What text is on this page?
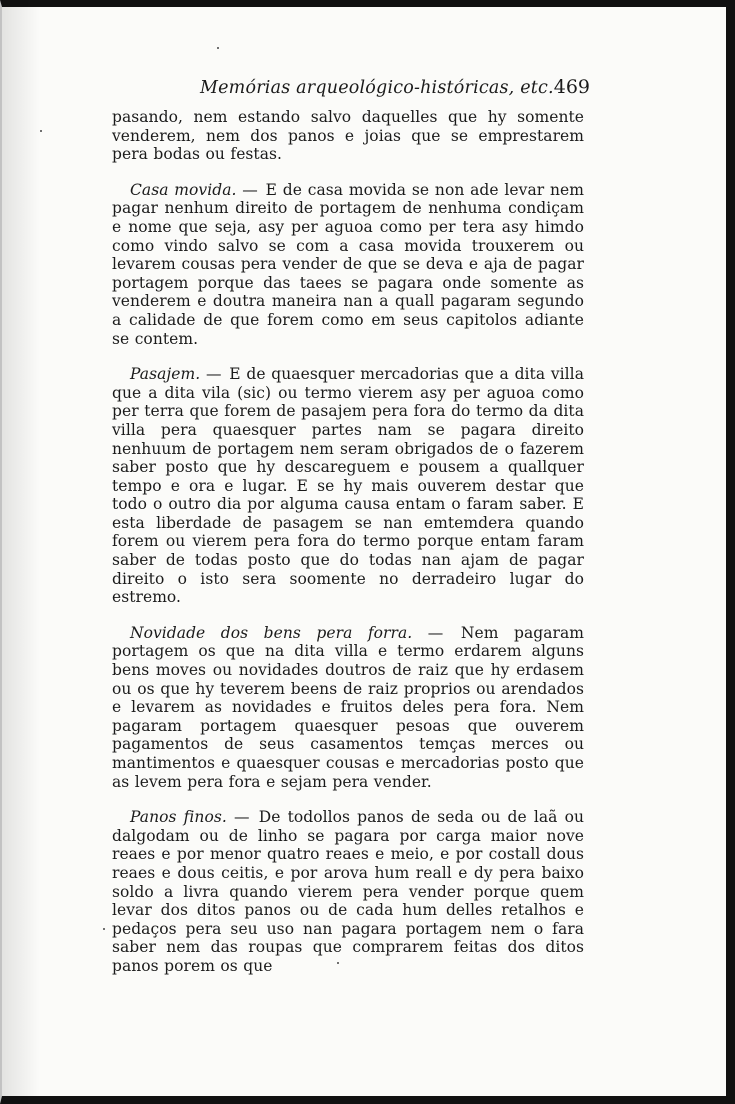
Memórias arqueológico-históricas, etc. 469

pasando, nem estando salvo daquelles que hy somente venderem, nem dos panos e joias que se emprestarem pera bodas ou festas.

Casa movida. — E de casa movida se non ade levar nem pagar nenhum direito de portagem de nenhuma condiçam e nome que seja, asy per aguoa como per tera asy himdo como vindo salvo se com a casa movida trouxerem ou levarem cousas pera vender de que se deva e aja de pagar portagem porque das taees se pagara onde somente as venderem e doutra maneira nan a quall pagaram segundo a calidade de que forem como em seus capitolos adiante se contem.

Pasajem. — E de quaesquer mercadorias que a dita villa que a dita vila (sic) ou termo vierem asy per aguoa como per terra que forem de pasajem pera fora do termo da dita villa pera quaesquer partes nam se pagara direito nenhuum de portagem nem seram obrigados de o fazerem saber posto que hy descareguem e pousem a quallquer tempo e ora e lugar. E se hy mais ouverem destar que todo o outro dia por alguma causa entam o faram saber. E esta liberdade de pasagem se nan emtemdera quando forem ou vierem pera fora do termo porque entam faram saber de todas posto que do todas nan ajam de pagar direito o isto sera soomente no derradeiro lugar do estremo.

Novidade dos bens pera forra. — Nem pagaram portagem os que na dita villa e termo erdarem alguns bens moves ou novidades doutros de raiz que hy erdasem ou os que hy teverem beens de raiz proprios ou arendados e levarem as novidades e fruitos deles pera fora. Nem pagaram portagem quaesquer pesoas que ouverem pagamentos de seus casamentos temças merces ou mantimentos e quaesquer cousas e mercadorias posto que as levem pera fora e sejam pera vender.

Panos finos. — De todollos panos de seda ou de laã ou dalgodam ou de linho se pagara por carga maior nove reaes e por menor quatro reaes e meio, e por costall dous reaes e dous ceitis, e por arova hum reall e dy pera baixo soldo a livra quando vierem pera vender porque quem levar dos ditos panos ou de cada hum delles retalhos e pedaços pera seu uso nan pagara portagem nem o fara saber nem das roupas que comprarem feitas dos ditos panos porem os que
